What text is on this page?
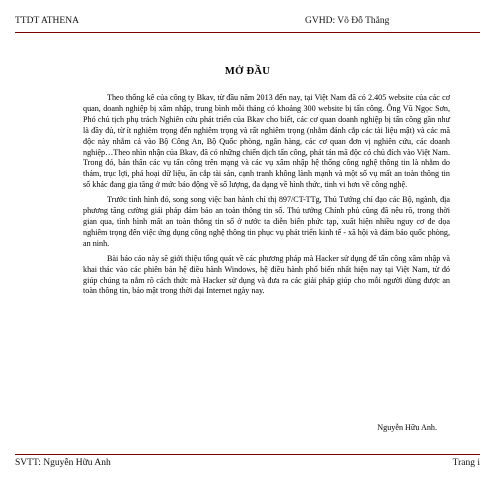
TTDT ATHENA	GVHD: Võ Đỗ Thắng
MỞ ĐẦU

Theo thống kê của công ty Bkav, từ đầu năm 2013 đến nay, tại Việt Nam đã có 2.405 website của các cơ quan, doanh nghiệp bị xâm nhập, trung bình mỗi tháng có khoảng 300 website bị tấn công. Ông Vũ Ngọc Sơn, Phó chủ tịch phụ trách Nghiên cứu phát triển của Bkav cho biết, các cơ quan doanh nghiệp bị tấn công gần như là đầy đủ, từ ít nghiêm trọng đến nghiêm trọng và rất nghiêm trọng (nhằm đánh cắp các tài liệu mật) và các mã độc này nhắm cả vào Bộ Công An, Bộ Quốc phòng, ngân hàng, các cơ quan đơn vị nghiên cứu, các doanh nghiệp…Theo nhìn nhận của Bkav, đã có những chiến dịch tấn công, phát tán mã độc có chủ đích vào Việt Nam. Trong đó, bản thân các vụ tấn công trên mạng và các vụ xâm nhập hệ thống công nghệ thông tin là nhằm do thám, trục lợi, phá hoại dữ liệu, ăn cắp tài sản, cạnh tranh không lành mạnh và một số vụ mất an toàn thông tin số khác đang gia tăng ở mức báo động về số lượng, đa dạng về hình thức, tinh vi hơn về công nghệ.

Trước tình hình đó, song song việc ban hành chỉ thị 897/CT-TTg, Thủ Tướng chỉ đạo các Bộ, ngành, địa phương tăng cường giải pháp đảm bảo an toàn thông tin số. Thủ tướng Chính phủ cũng đã nêu rõ, trong thời gian qua, tình hình mất an toàn thông tin số ở nước ta diễn biến phức tạp, xuất hiện nhiều nguy cơ đe dọa nghiêm trọng đến việc ứng dụng công nghệ thông tin phục vụ phát triển kinh tế - xã hội và đảm bảo quốc phòng, an ninh.

Bài báo cáo này sẽ giới thiệu tổng quát về các phương pháp mà Hacker sử dụng để tấn công xâm nhập và khai thác vào các phiên bản hệ điều hành Windows, hệ điều hành phổ biến nhất hiện nay tại Việt Nam, từ đó giúp chúng ta nắm rõ cách thức mà Hacker sử dụng và đưa ra các giải pháp giúp cho mỗi người dùng được an toàn thông tin, bảo mật trong thời đại Internet ngày nay.

Nguyễn Hữu Anh.
SVTT: Nguyễn Hữu Anh	Trang i
